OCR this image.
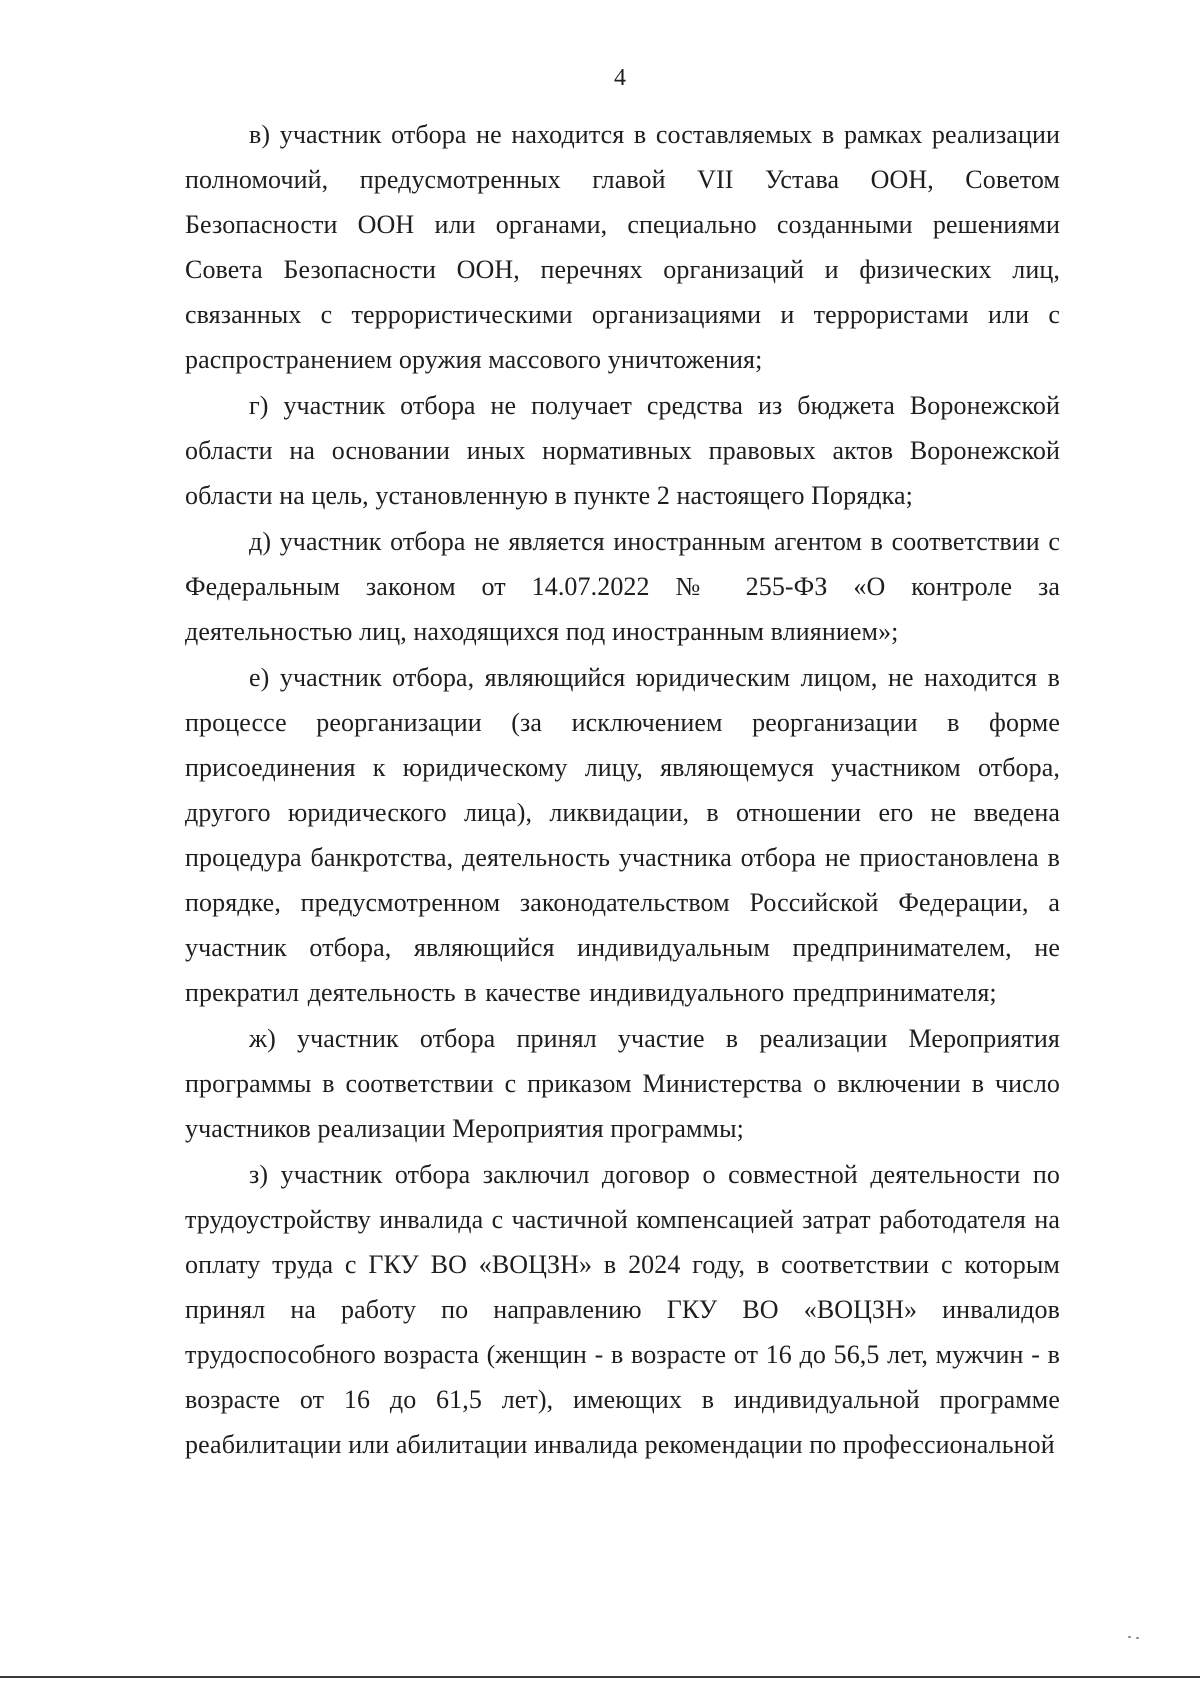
4

в) участник отбора не находится в составляемых в рамках реализации полномочий, предусмотренных главой VII Устава ООН, Советом Безопасности ООН или органами, специально созданными решениями Совета Безопасности ООН, перечнях организаций и физических лиц, связанных с террористическими организациями и террористами или с распространением оружия массового уничтожения;

г) участник отбора не получает средства из бюджета Воронежской области на основании иных нормативных правовых актов Воронежской области на цель, установленную в пункте 2 настоящего Порядка;

д) участник отбора не является иностранным агентом в соответствии с Федеральным законом от 14.07.2022 № 255-ФЗ «О контроле за деятельностью лиц, находящихся под иностранным влиянием»;

е) участник отбора, являющийся юридическим лицом, не находится в процессе реорганизации (за исключением реорганизации в форме присоединения к юридическому лицу, являющемуся участником отбора, другого юридического лица), ликвидации, в отношении его не введена процедура банкротства, деятельность участника отбора не приостановлена в порядке, предусмотренном законодательством Российской Федерации, а участник отбора, являющийся индивидуальным предпринимателем, не прекратил деятельность в качестве индивидуального предпринимателя;

ж) участник отбора принял участие в реализации Мероприятия программы в соответствии с приказом Министерства о включении в число участников реализации Мероприятия программы;

з) участник отбора заключил договор о совместной деятельности по трудоустройству инвалида с частичной компенсацией затрат работодателя на оплату труда с ГКУ ВО «ВОЦЗН» в 2024 году, в соответствии с которым принял на работу по направлению ГКУ ВО «ВОЦЗН» инвалидов трудоспособного возраста (женщин - в возрасте от 16 до 56,5 лет, мужчин - в возрасте от 16 до 61,5 лет), имеющих в индивидуальной программе реабилитации или абилитации инвалида рекомендации по профессиональной
